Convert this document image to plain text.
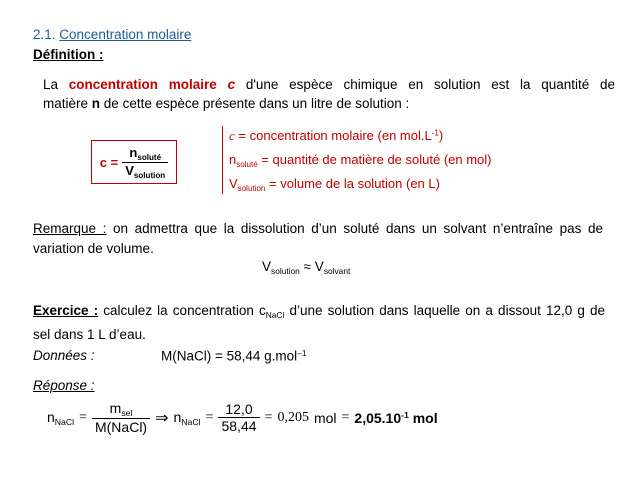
2.1. Concentration molaire
Définition :
La concentration molaire c d'une espèce chimique en solution est la quantité de
matière n de cette espèce présente dans un litre de solution :
$c = \frac{n_{soluté}}{V_{solution}}$
c = concentration molaire (en $mol.L^{-1}$)
$n_{soluté}$ = quantité de matière de soluté (en mol)
$V_{solution}$ = volume de la solution (en L)
Remarque : on admettra que la dissolution d’un soluté dans un solvant n’entraîne pas de variation de volume.
$V_{solution} \approx V_{solvant}$
Exercice : calculez la concentration $c_{NaCl}$ d’une solution dans laquelle on a dissout 12,0 g de sel dans 1 L d’eau.
Données :	M(NaCl) = 58,44 g.mol$^{-1}$
Réponse :
$n_{NaCl} = \frac{m_{sel}}{\text{M(NaCl)}}$ ⇒ $n_{NaCl} = \frac{12,0}{58,44} = 0,205$ mol = $2,05.10^{-1}$ mol
